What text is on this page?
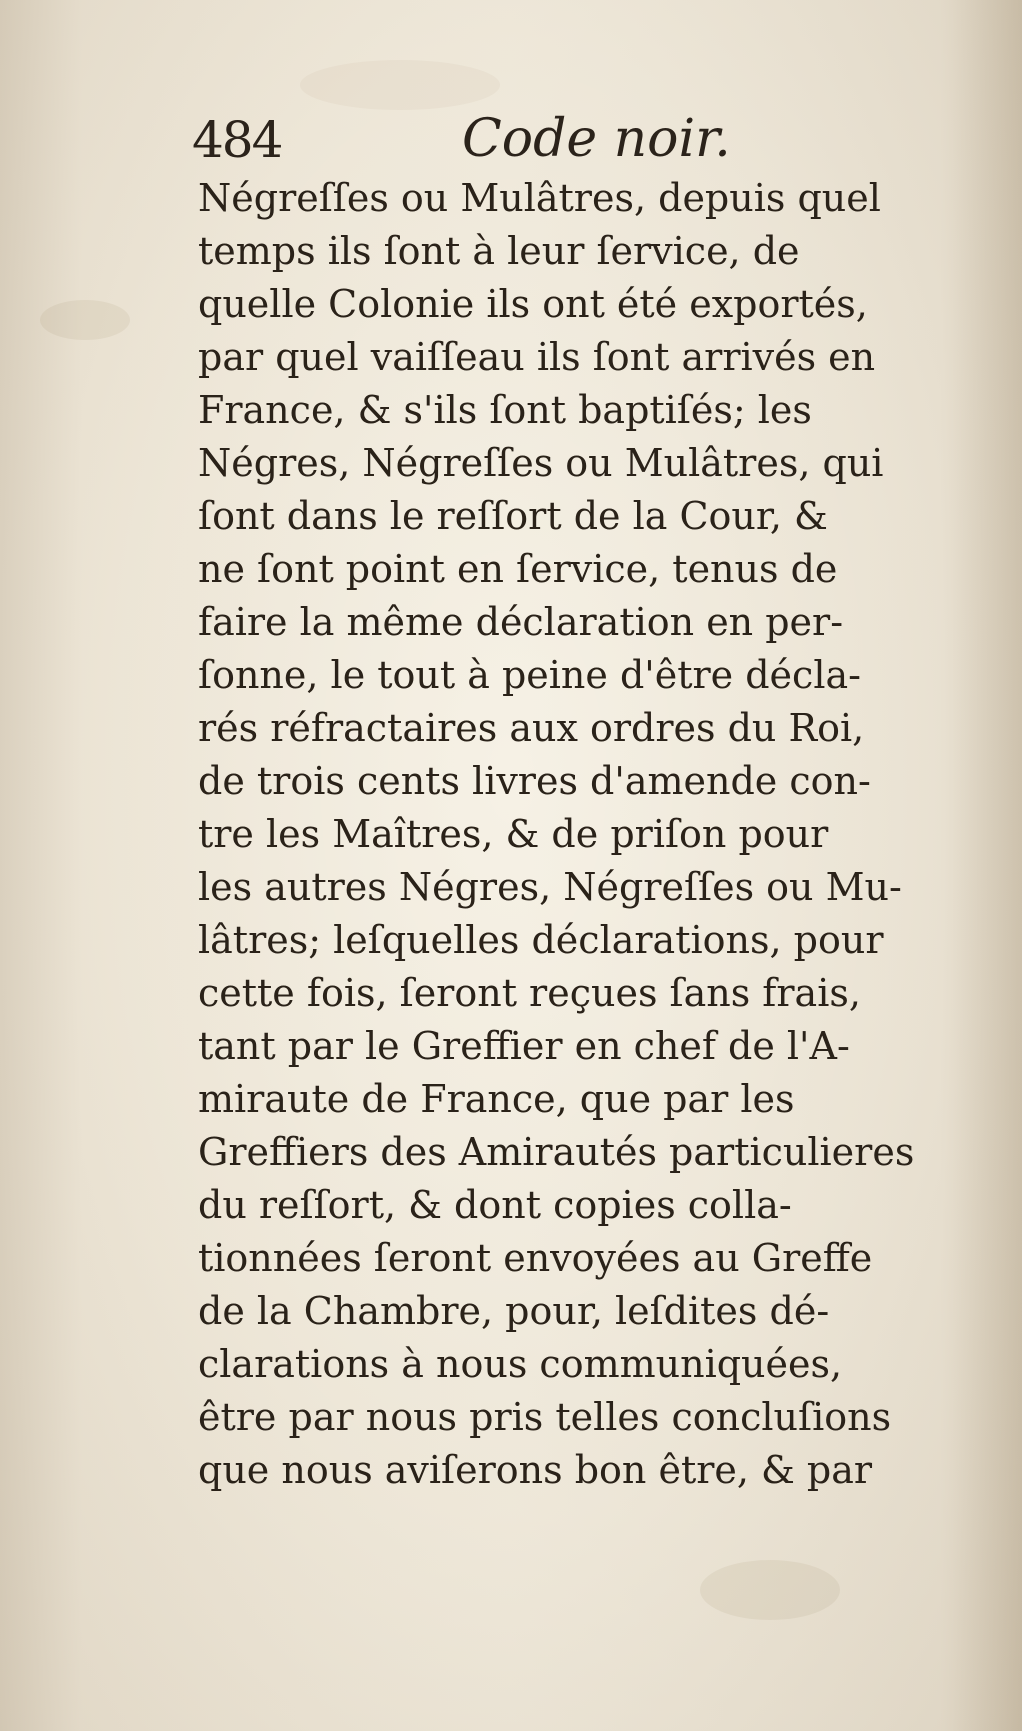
484	Code noir.
Négreſſes ou Mulâtres, depuis quel
temps ils ſont à leur ſervice, de
quelle Colonie ils ont été exportés,
par quel vaiſſeau ils ſont arrivés en
France, & s'ils ſont baptiſés; les
Négres, Négreſſes ou Mulâtres, qui
ſont dans le reſſort de la Cour, &
ne ſont point en ſervice, tenus de
faire la même déclaration en per-
ſonne, le tout à peine d'être décla-
rés réfractaires aux ordres du Roi,
de trois cents livres d'amende con-
tre les Maîtres, & de priſon pour
les autres Négres, Négreſſes ou Mu-
lâtres; leſquelles déclarations, pour
cette fois, ſeront reçues ſans frais,
tant par le Greffier en chef de l'A-
miraute de France, que par les
Greffiers des Amirautés particulieres
du reſſort, & dont copies colla-
tionnées ſeront envoyées au Greffe
de la Chambre, pour, leſdites dé-
clarations à nous communiquées,
être par nous pris telles concluſions
que nous aviſerons bon être, & par
